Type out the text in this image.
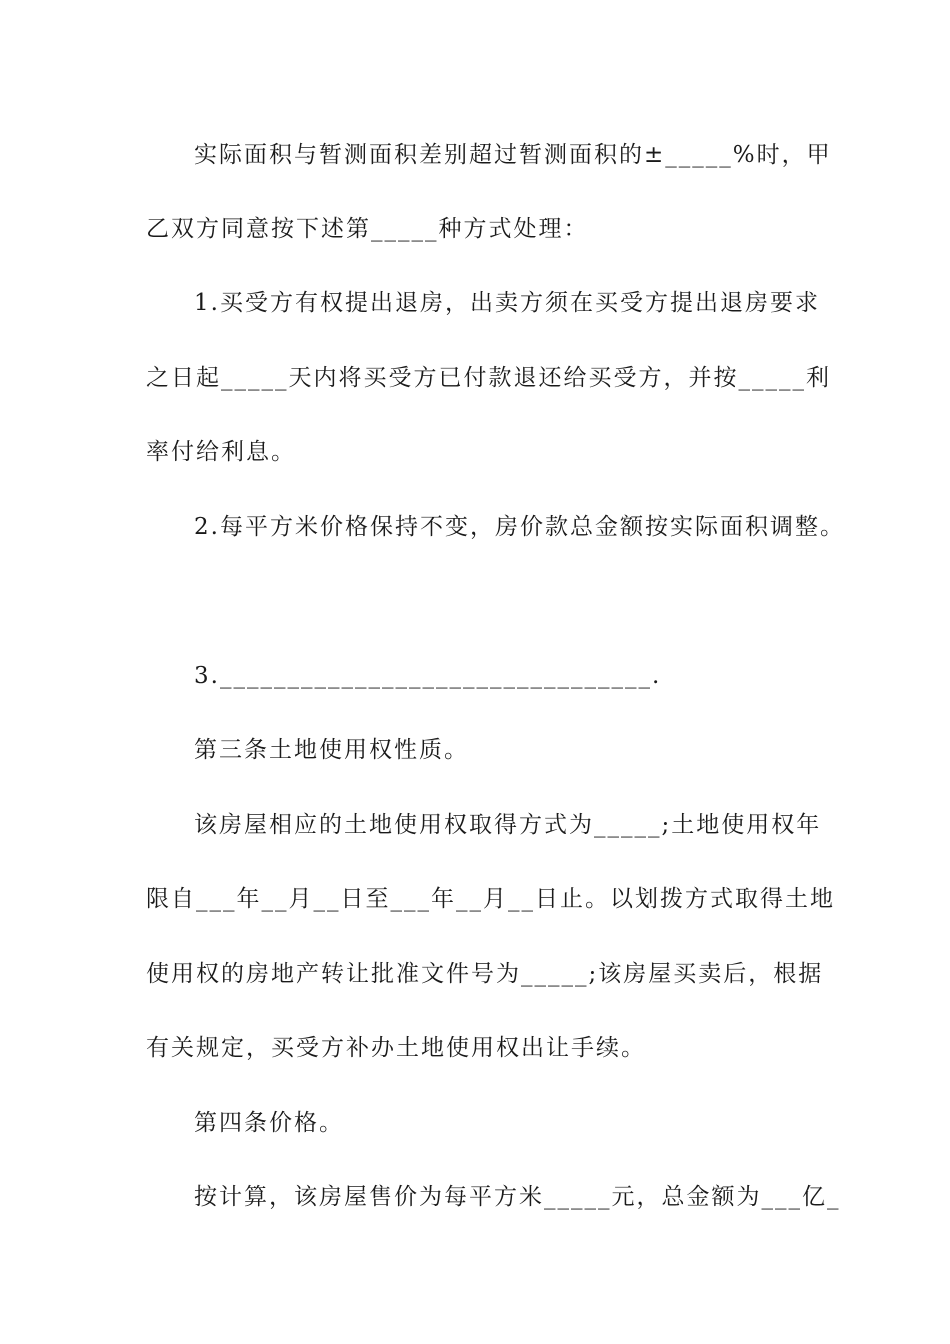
实际面积与暂测面积差别超过暂测面积的±_____%时，甲
乙双方同意按下述第_____种方式处理：
1.买受方有权提出退房，出卖方须在买受方提出退房要求
之日起_____天内将买受方已付款退还给买受方，并按_____利
率付给利息。
2.每平方米价格保持不变，房价款总金额按实际面积调整。
3.________________________________.
第三条土地使用权性质。
该房屋相应的土地使用权取得方式为_____;土地使用权年
限自___年__月__日至___年__月__日止。以划拨方式取得土地
使用权的房地产转让批准文件号为_____;该房屋买卖后，根据
有关规定，买受方补办土地使用权出让手续。
第四条价格。
按计算，该房屋售价为每平方米_____元，总金额为___亿_
